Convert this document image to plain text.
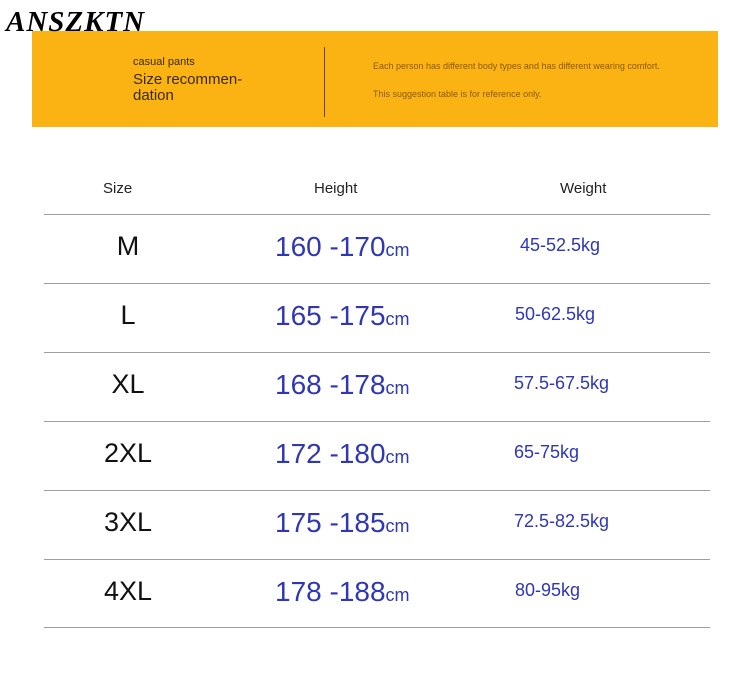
ANSZKTN
casual pants
Size recommen-dation
Each person has different body types and has different wearing comfort.
This suggestion table is for reference only.
Size	Height	Weight
M	160 -170cm	45-52.5kg
L	165 -175cm	50-62.5kg
XL	168 -178cm	57.5-67.5kg
2XL	172 -180cm	65-75kg
3XL	175 -185cm	72.5-82.5kg
4XL	178 -188cm	80-95kg
